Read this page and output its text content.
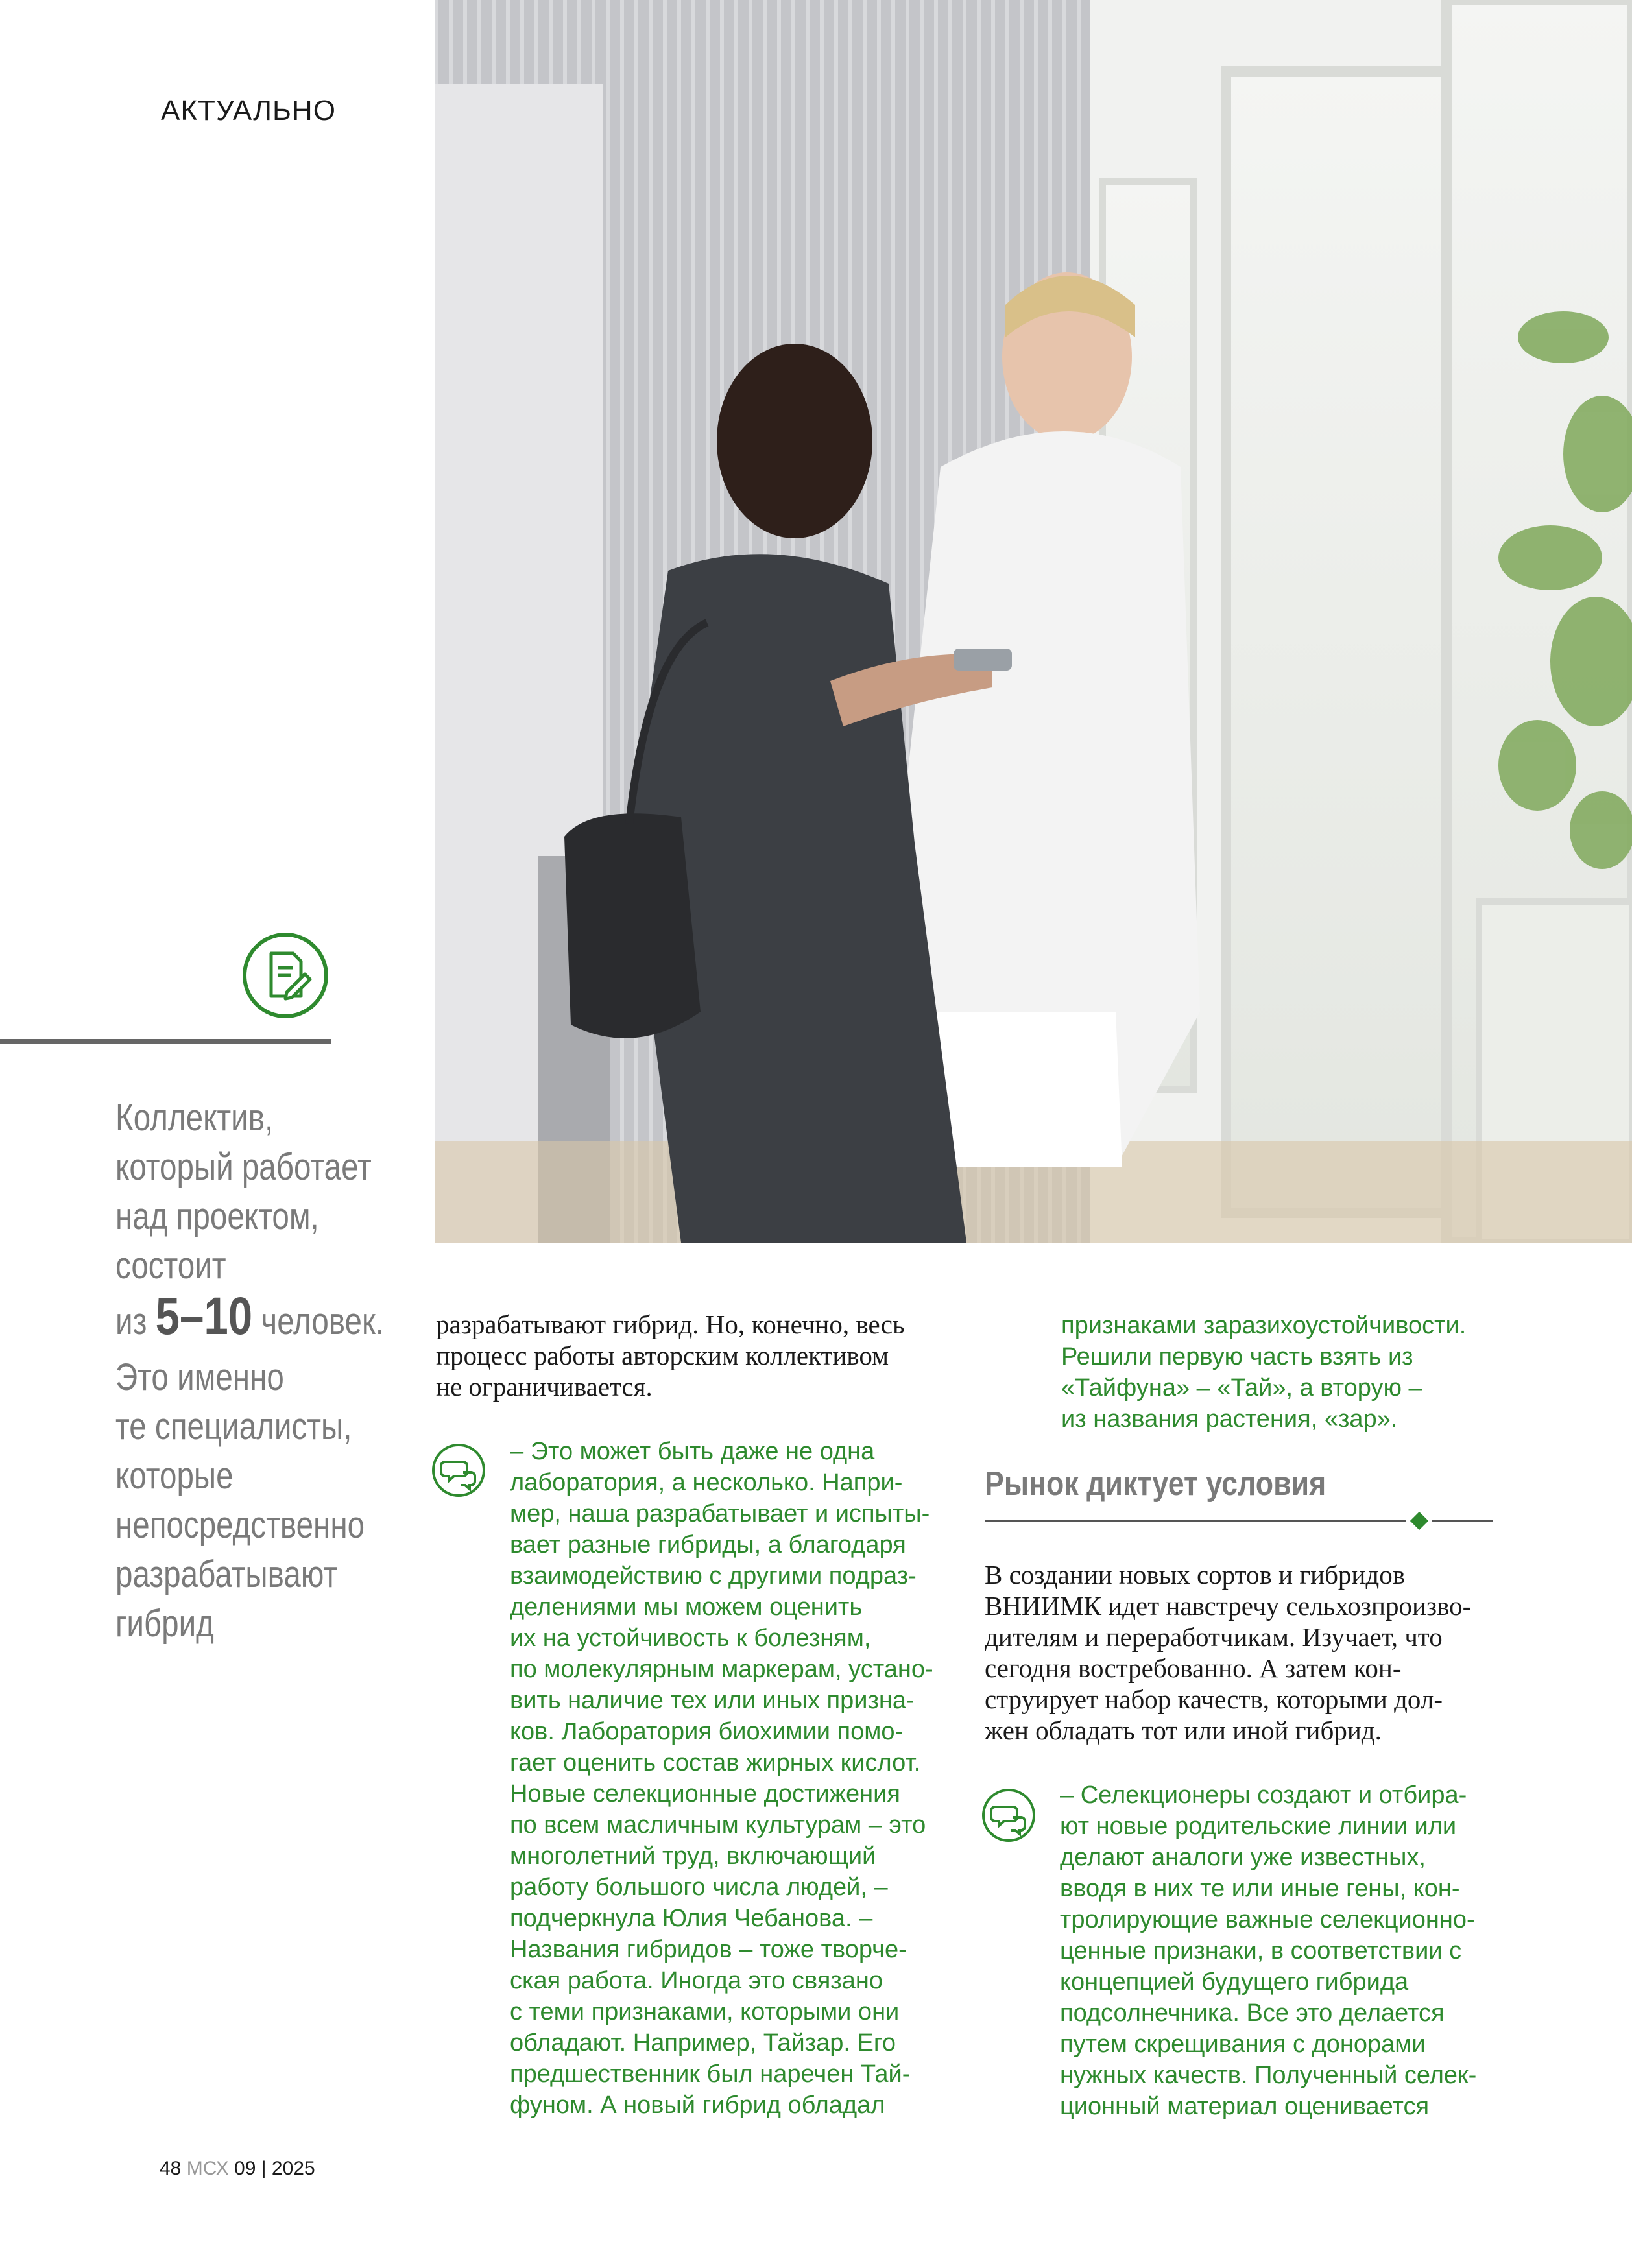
АКТУАЛЬНО
Коллектив,
который работает
над проектом,
состоит
из 5–10 человек.
Это именно
те специалисты,
которые
непосредственно
разрабатывают
гибрид
разрабатывают гибрид. Но, конечно, весь
процесс работы авторским коллективом
не ограничивается.
– Это может быть даже не одна
лаборатория, а несколько. Напри-
мер, наша разрабатывает и испыты-
вает разные гибриды, а благодаря
взаимодействию с другими подраз-
делениями мы можем оценить
их на устойчивость к болезням,
по молекулярным маркерам, устано-
вить наличие тех или иных призна-
ков. Лаборатория биохимии помо-
гает оценить состав жирных кислот.
Новые селекционные достижения
по всем масличным культурам – это
многолетний труд, включающий
работу большого числа людей, –
подчеркнула Юлия Чебанова. –
Названия гибридов – тоже творче-
ская работа. Иногда это связано
с теми признаками, которыми они
обладают. Например, Тайзар. Его
предшественник был наречен Тай-
фуном. А новый гибрид обладал
признаками заразихоустойчивости.
Решили первую часть взять из
«Тайфуна» – «Тай», а вторую –
из названия растения, «зар».
Рынок диктует условия
В создании новых сортов и гибридов
ВНИИМК идет навстречу сельхозпроизво-
дителям и переработчикам. Изучает, что
сегодня востребованно. А затем кон-
струирует набор качеств, которыми дол-
жен обладать тот или иной гибрид.
– Селекционеры создают и отбира-
ют новые родительские линии или
делают аналоги уже известных,
вводя в них те или иные гены, кон-
тролирующие важные селекционно-
ценные признаки, в соответствии с
концепцией будущего гибрида
подсолнечника. Все это делается
путем скрещивания с донорами
нужных качеств. Полученный селек-
ционный материал оценивается
48 МСХ 09 | 2025
